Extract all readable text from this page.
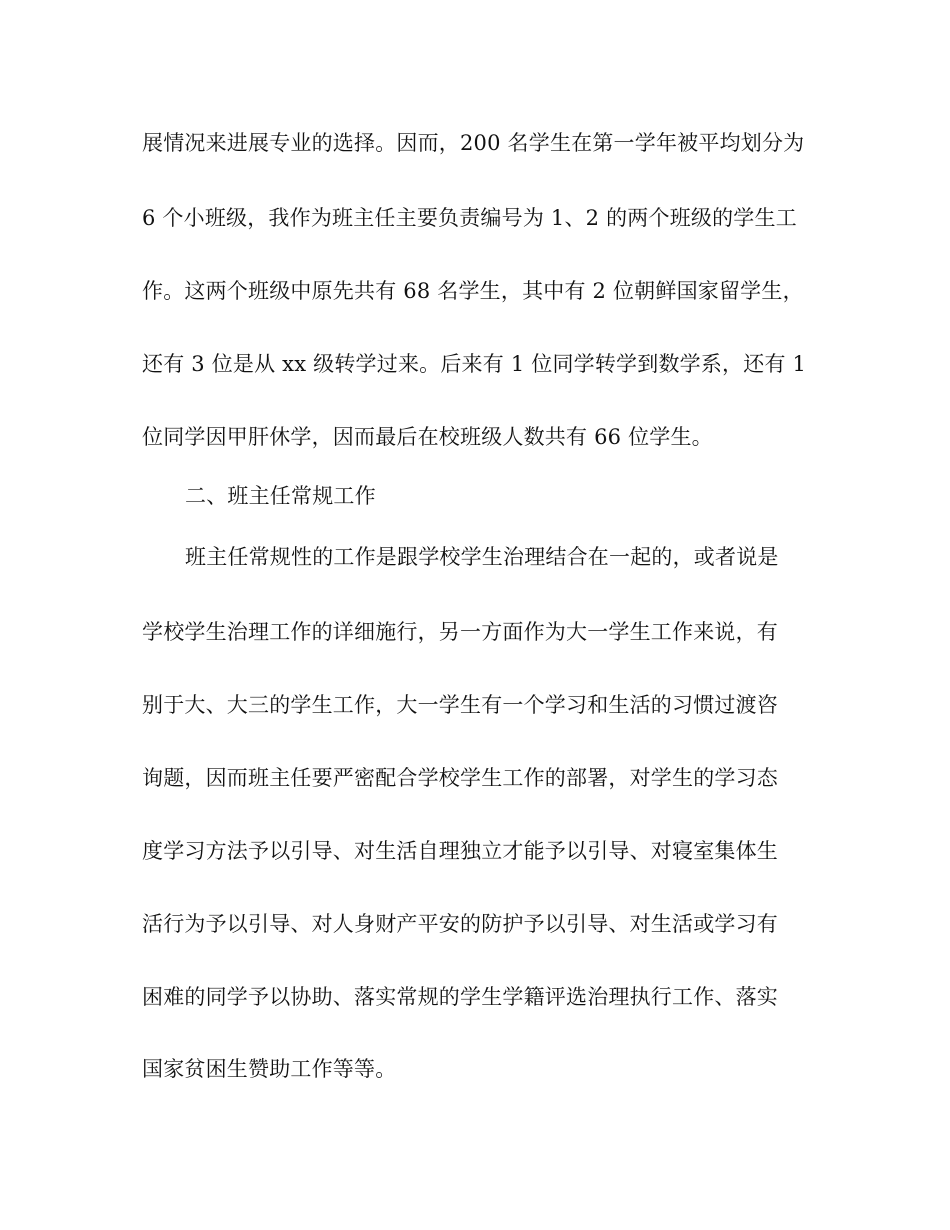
展情况来进展专业的选择。因而，200 名学生在第一学年被平均划分为
6 个小班级，我作为班主任主要负责编号为 1、2 的两个班级的学生工
作。这两个班级中原先共有 68 名学生，其中有 2 位朝鲜国家留学生，
还有 3 位是从 xx 级转学过来。后来有 1 位同学转学到数学系，还有 1
位同学因甲肝休学，因而最后在校班级人数共有 66 位学生。
二、班主任常规工作
班主任常规性的工作是跟学校学生治理结合在一起的，或者说是
学校学生治理工作的详细施行，另一方面作为大一学生工作来说，有
别于大、大三的学生工作，大一学生有一个学习和生活的习惯过渡咨
询题，因而班主任要严密配合学校学生工作的部署，对学生的学习态
度学习方法予以引导、对生活自理独立才能予以引导、对寝室集体生
活行为予以引导、对人身财产平安的防护予以引导、对生活或学习有
困难的同学予以协助、落实常规的学生学籍评选治理执行工作、落实
国家贫困生赞助工作等等。
